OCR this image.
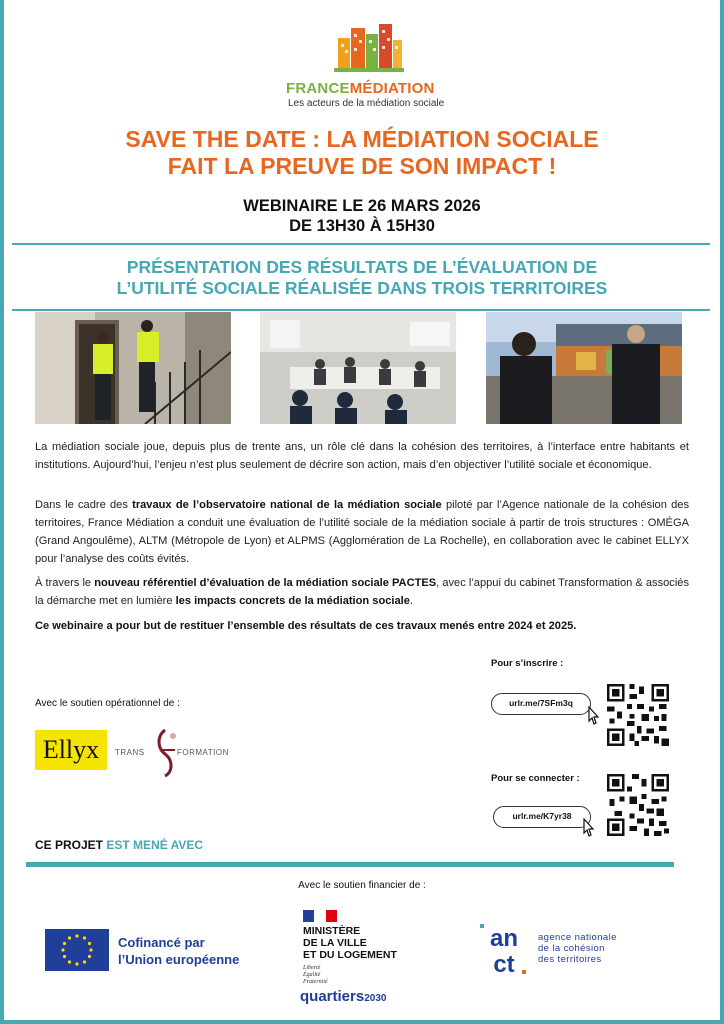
FRANCEMÉDIATION
Les acteurs de la médiation sociale
SAVE THE DATE : LA MÉDIATION SOCIALE
FAIT LA PREUVE DE SON IMPACT !
WEBINAIRE LE 26 MARS 2026
DE 13H30 À 15H30
PRÉSENTATION DES RÉSULTATS DE L’ÉVALUATION DE
L’UTILITÉ SOCIALE RÉALISÉE DANS TROIS TERRITOIRES
La médiation sociale joue, depuis plus de trente ans, un rôle clé dans la cohésion des territoires, à l’interface entre habitants et institutions. Aujourd’hui, l’enjeu n’est plus seulement de décrire son action, mais d’en objectiver l’utilité sociale et économique.
Dans le cadre des travaux de l’observatoire national de la médiation sociale piloté par l’Agence nationale de la cohésion des territoires, France Médiation a conduit une évaluation de l’utilité sociale de la médiation sociale à partir de trois structures : OMÉGA (Grand Angoulême), ALTM (Métropole de Lyon) et ALPMS (Agglomération de La Rochelle), en collaboration avec le cabinet ELLYX pour l’analyse des coûts évités.
À travers le nouveau référentiel d’évaluation de la médiation sociale PACTES, avec l’appui du cabinet Transformation & associés la démarche met en lumière les impacts concrets de la médiation sociale.
Ce webinaire a pour but de restituer l’ensemble des résultats de ces travaux menés entre 2024 et 2025.
Pour s’inscrire :
urlr.me/7SFm3q
Pour se connecter :
urlr.me/K7yr38
Avec le soutien opérationnel de :
Ellyx	TRANS	FORMATION
CE PROJET EST MENÉ AVEC
Avec le soutien financier de :
Cofinancé par
l’Union européenne
MINISTÈRE
DE LA VILLE
ET DU LOGEMENT
Liberté
Égalité
Fraternité
quartiers2030
an
ct
agence nationale
de la cohésion
des territoires
